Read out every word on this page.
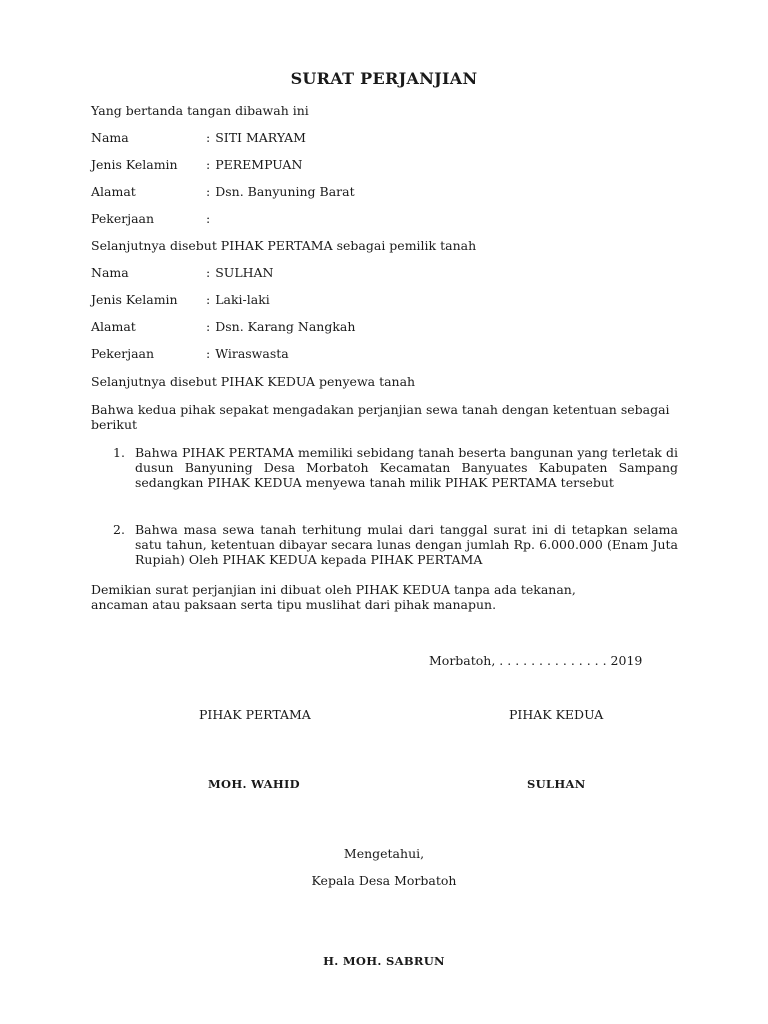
SURAT PERJANJIAN
Yang bertanda tangan dibawah ini
Nama	: SITI MARYAM
Jenis Kelamin : PEREMPUAN
Alamat	: Dsn. Banyuning Barat
Pekerjaan	:
Selanjutnya disebut PIHAK PERTAMA sebagai pemilik tanah
Nama	: SULHAN
Jenis Kelamin : Laki-laki
Alamat	: Dsn. Karang Nangkah
Pekerjaan	: Wiraswasta
Selanjutnya disebut PIHAK KEDUA penyewa tanah
Bahwa kedua pihak sepakat mengadakan perjanjian sewa tanah dengan ketentuan sebagai berikut
1. Bahwa PIHAK PERTAMA memiliki sebidang tanah beserta bangunan yang terletak di dusun Banyuning Desa Morbatoh Kecamatan Banyuates Kabupaten Sampang sedangkan PIHAK KEDUA menyewa tanah milik PIHAK PERTAMA tersebut
2. Bahwa masa sewa tanah terhitung mulai dari tanggal surat ini di tetapkan selama satu tahun, ketentuan dibayar secara lunas dengan jumlah Rp. 6.000.000 (Enam Juta Rupiah) Oleh PIHAK KEDUA kepada PIHAK PERTAMA
Demikian surat perjanjian ini dibuat oleh PIHAK KEDUA tanpa ada tekanan, ancaman atau paksaan serta tipu muslihat dari pihak manapun.
Morbatoh, . . . . . . . . . . . . . . 2019
PIHAK PERTAMA	PIHAK KEDUA
MOH. WAHID	SULHAN
Mengetahui,
Kepala Desa Morbatoh
H. MOH. SABRUN
